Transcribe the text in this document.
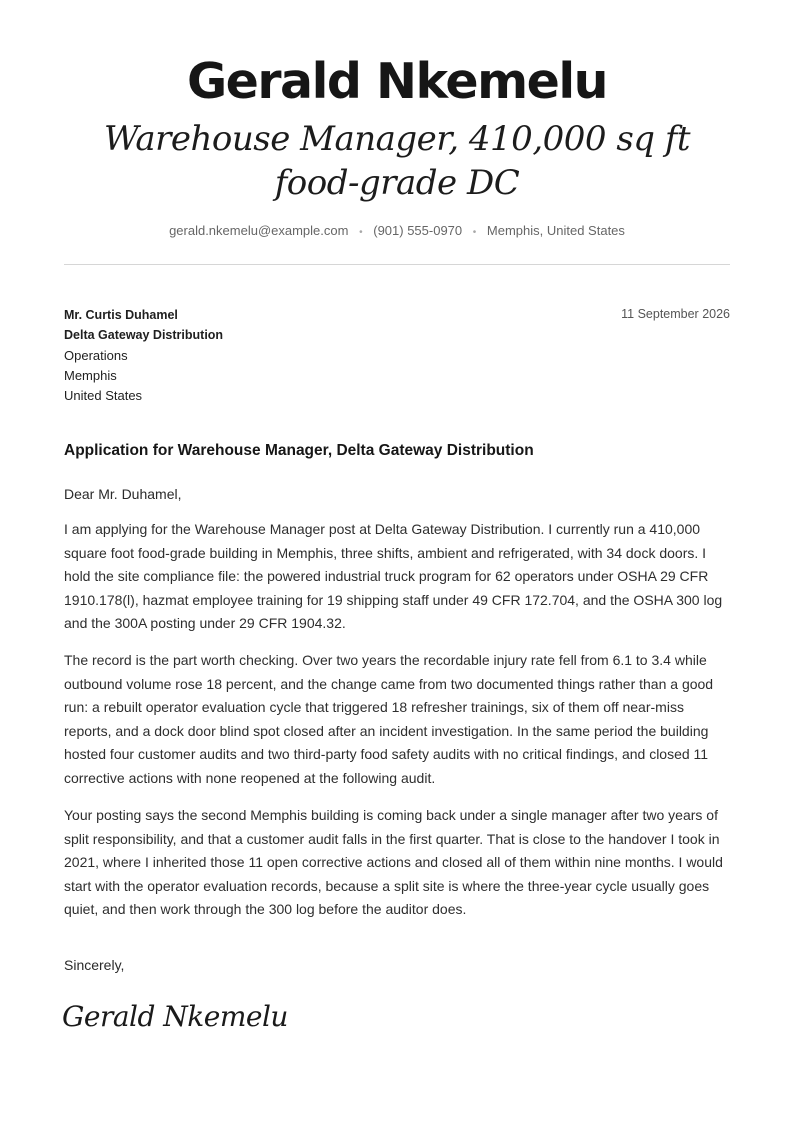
Gerald Nkemelu
Warehouse Manager, 410,000 sq ft food-grade DC
gerald.nkemelu@example.com • (901) 555-0970 • Memphis, United States
Mr. Curtis Duhamel
Delta Gateway Distribution
Operations
Memphis
United States
11 September 2026
Application for Warehouse Manager, Delta Gateway Distribution
Dear Mr. Duhamel,
I am applying for the Warehouse Manager post at Delta Gateway Distribution. I currently run a 410,000 square foot food-grade building in Memphis, three shifts, ambient and refrigerated, with 34 dock doors. I hold the site compliance file: the powered industrial truck program for 62 operators under OSHA 29 CFR 1910.178(l), hazmat employee training for 19 shipping staff under 49 CFR 172.704, and the OSHA 300 log and the 300A posting under 29 CFR 1904.32.
The record is the part worth checking. Over two years the recordable injury rate fell from 6.1 to 3.4 while outbound volume rose 18 percent, and the change came from two documented things rather than a good run: a rebuilt operator evaluation cycle that triggered 18 refresher trainings, six of them off near-miss reports, and a dock door blind spot closed after an incident investigation. In the same period the building hosted four customer audits and two third-party food safety audits with no critical findings, and closed 11 corrective actions with none reopened at the following audit.
Your posting says the second Memphis building is coming back under a single manager after two years of split responsibility, and that a customer audit falls in the first quarter. That is close to the handover I took in 2021, where I inherited those 11 open corrective actions and closed all of them within nine months. I would start with the operator evaluation records, because a split site is where the three-year cycle usually goes quiet, and then work through the 300 log before the auditor does.
Sincerely,
Gerald Nkemelu
